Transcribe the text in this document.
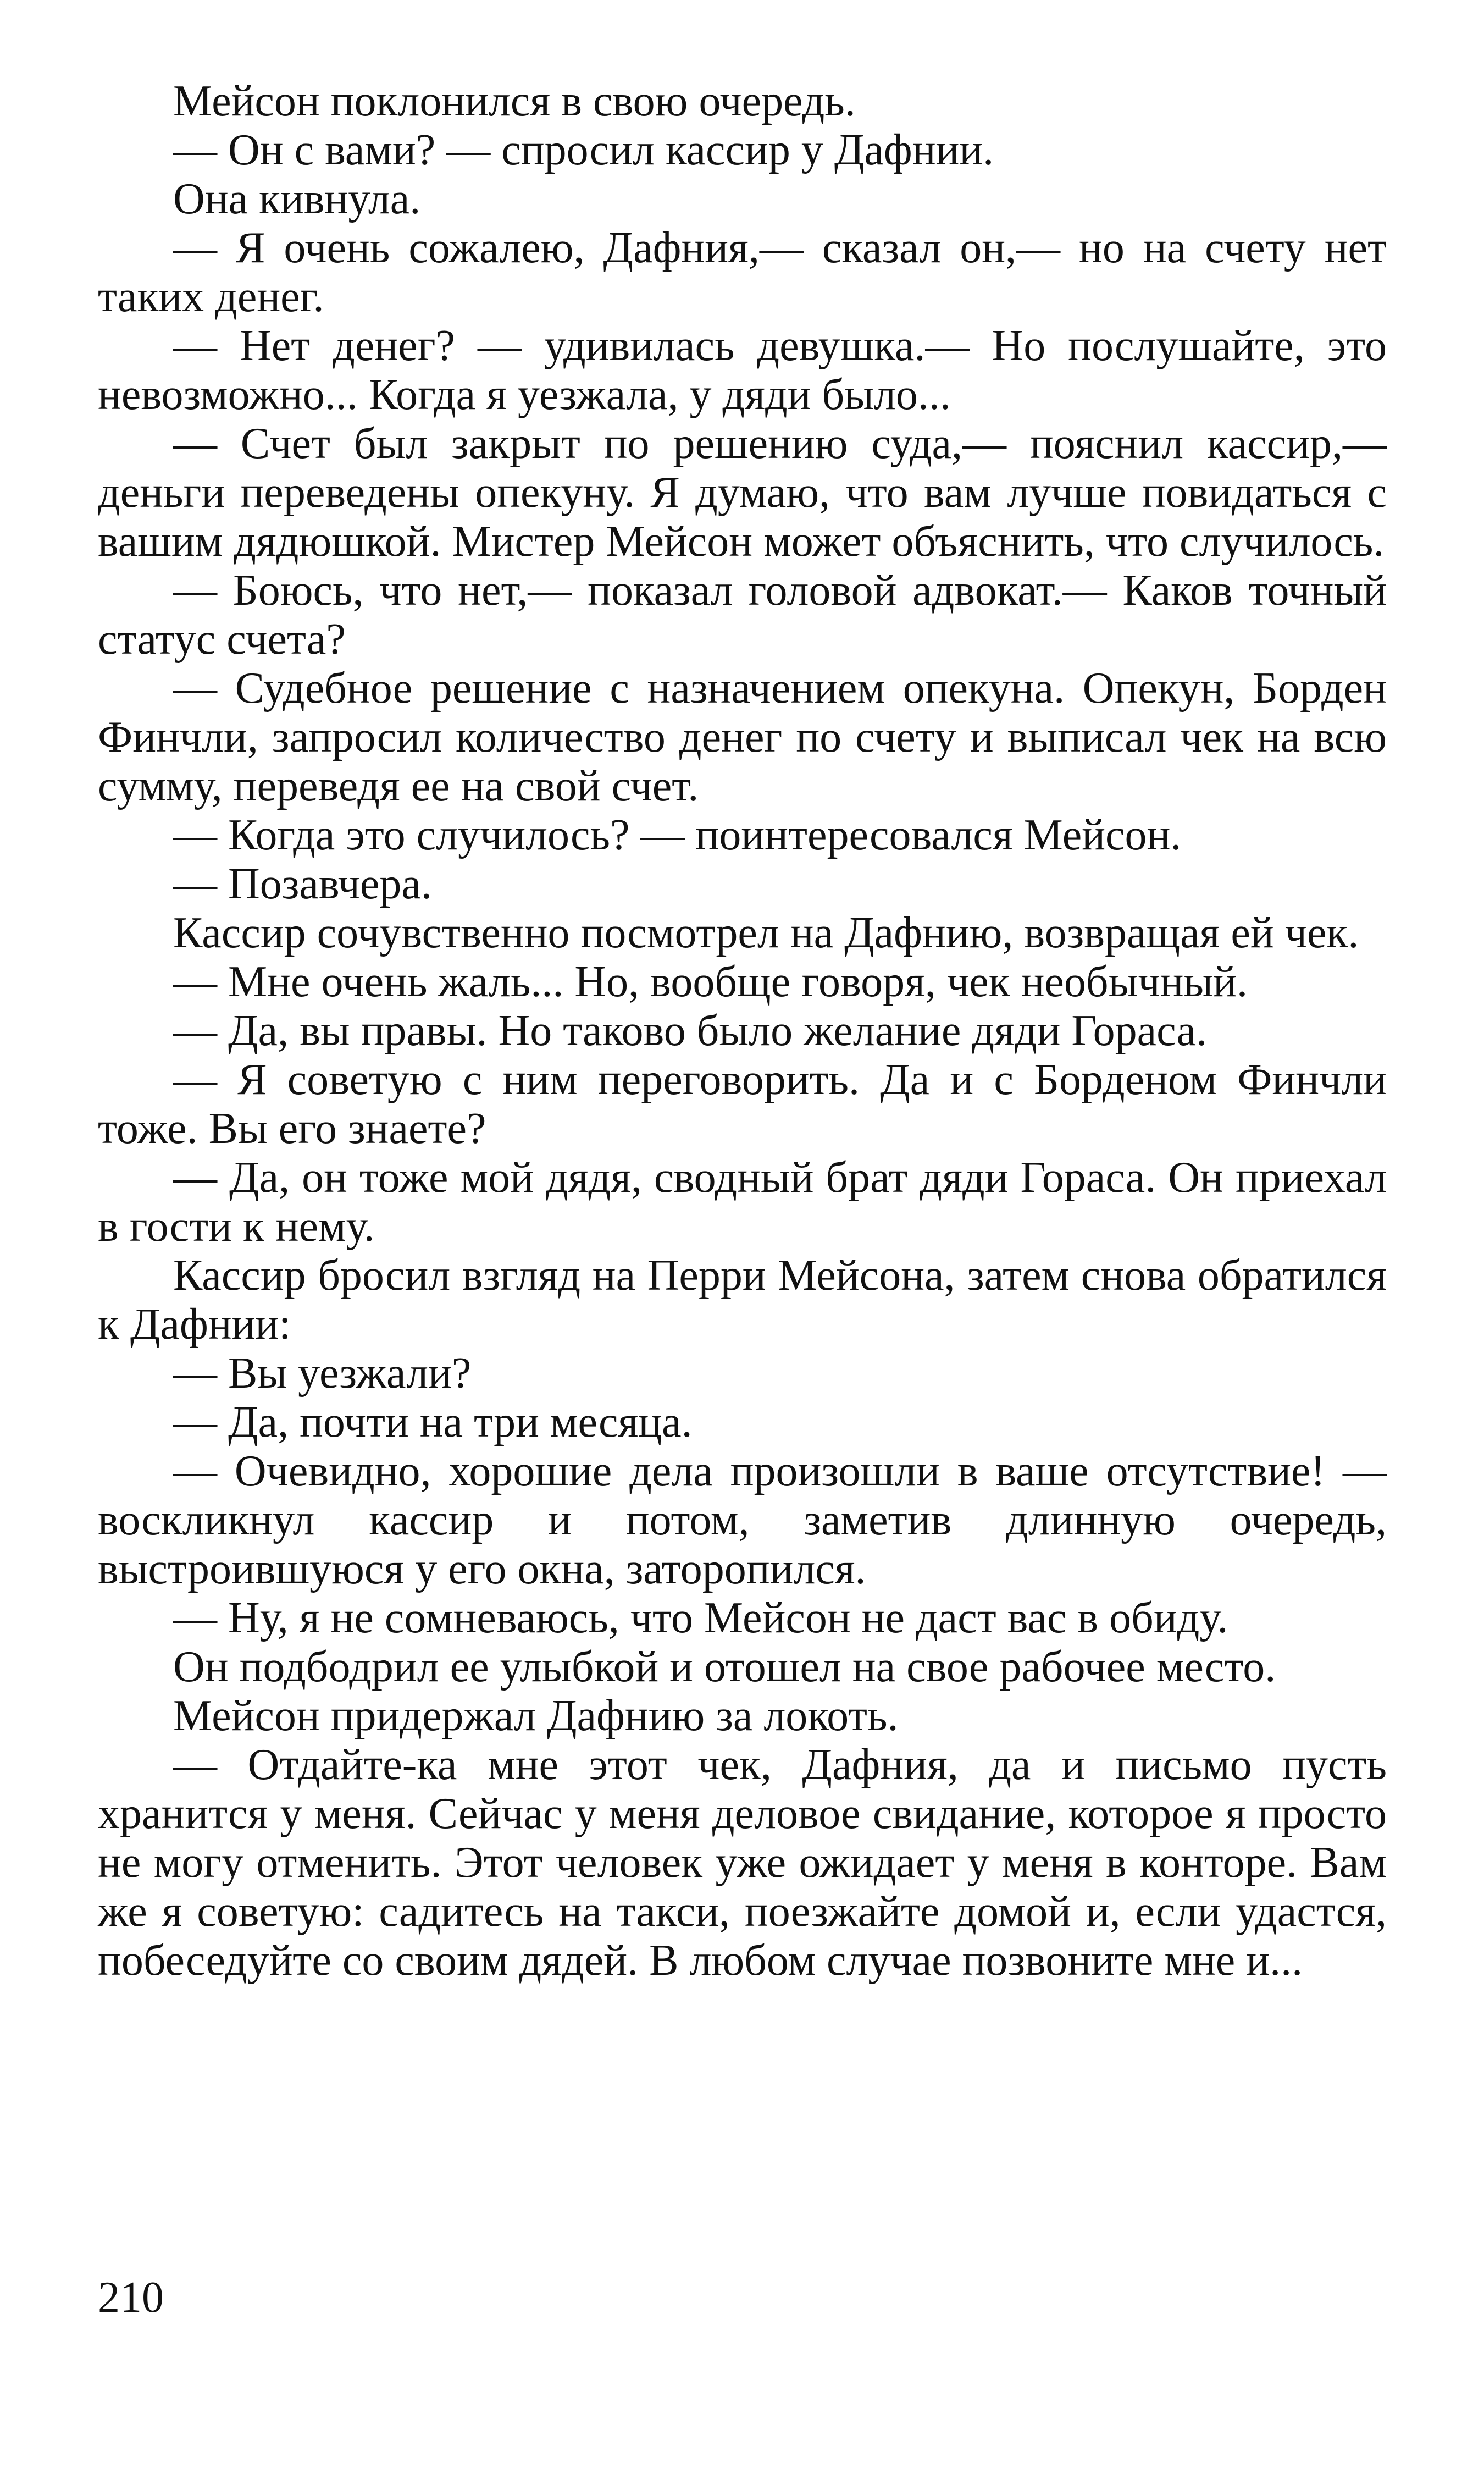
Мейсон поклонился в свою очередь.

— Он с вами? — спросил кассир у Дафнии.

Она кивнула.

— Я очень сожалею, Дафния,— сказал он,— но на счету нет таких денег.

— Нет денег? — удивилась девушка.— Но послушайте, это невозможно... Когда я уезжала, у дяди было...

— Счет был закрыт по решению суда,— пояснил кассир,— деньги переведены опекуну. Я думаю, что вам лучше повидаться с вашим дядюшкой. Мистер Мейсон может объяснить, что случилось.

— Боюсь, что нет,— показал головой адвокат.— Каков точный статус счета?

— Судебное решение с назначением опекуна. Опекун, Борден Финчли, запросил количество денег по счету и выписал чек на всю сумму, переведя ее на свой счет.

— Когда это случилось? — поинтересовался Мейсон.

— Позавчера.

Кассир сочувственно посмотрел на Дафнию, возвращая ей чек.

— Мне очень жаль... Но, вообще говоря, чек необычный.

— Да, вы правы. Но таково было желание дяди Гораса.

— Я советую с ним переговорить. Да и с Борденом Финчли тоже. Вы его знаете?

— Да, он тоже мой дядя, сводный брат дяди Гораса. Он приехал в гости к нему.

Кассир бросил взгляд на Перри Мейсона, затем снова обратился к Дафнии:

— Вы уезжали?

— Да, почти на три месяца.

— Очевидно, хорошие дела произошли в ваше отсутствие! — воскликнул кассир и потом, заметив длинную очередь, выстроившуюся у его окна, заторопился.

— Ну, я не сомневаюсь, что Мейсон не даст вас в обиду.

Он подбодрил ее улыбкой и отошел на свое рабочее место.

Мейсон придержал Дафнию за локоть.

— Отдайте-ка мне этот чек, Дафния, да и письмо пусть хранится у меня. Сейчас у меня деловое свидание, которое я просто не могу отменить. Этот человек уже ожидает у меня в конторе. Вам же я советую: садитесь на такси, поезжайте домой и, если удастся, побеседуйте со своим дядей. В любом случае позвоните мне и...

210
